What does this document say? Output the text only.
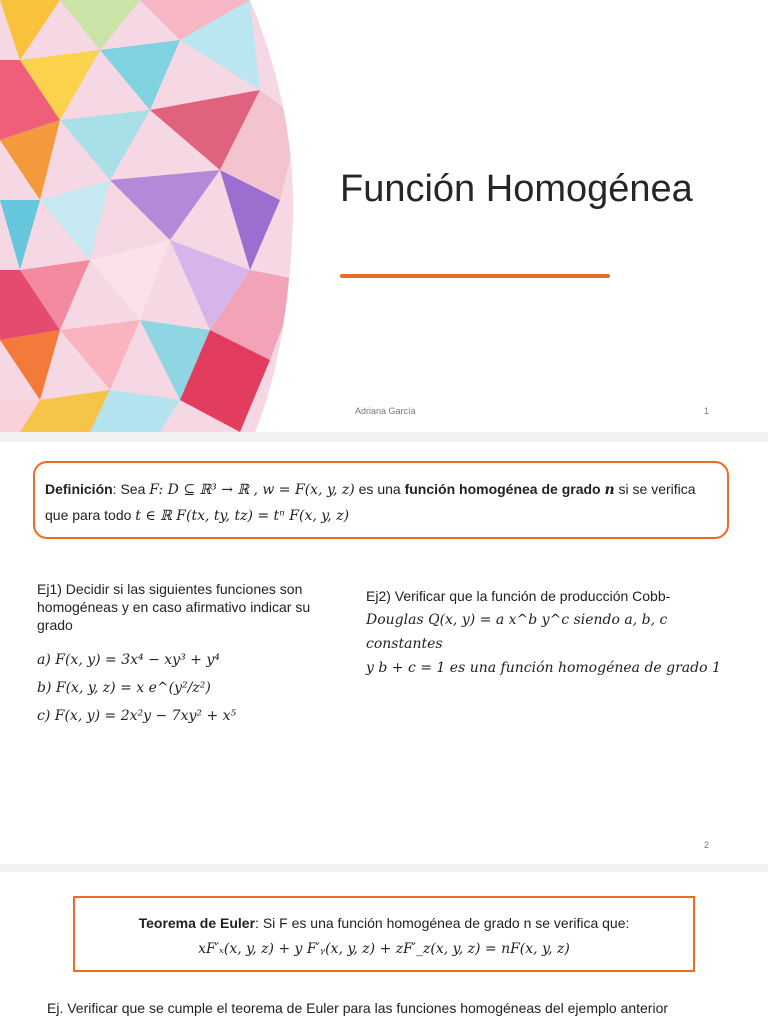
Función Homogénea
Adriana García	1
Definición: Sea F: D ⊆ ℝ³ → ℝ , w = F(x, y, z) es una función homogénea de grado n si se verifica
que para todo t ∈ ℝ F(tx, ty, tz) = tⁿ F(x, y, z)
Ej1) Decidir si las siguientes funciones son homogéneas y en caso afirmativo indicar su grado
a) F(x, y) = 3x⁴ − xy³ + y⁴
b) F(x, y, z) = x e^(y²/z²)
c) F(x, y) = 2x²y − 7xy² + x⁵
Ej2) Verificar que la función de producción Cobb-
Douglas Q(x, y) = a x^b y^c siendo a, b, c constantes
y b + c = 1 es una función homogénea de grado 1
2
Teorema de Euler: Si F es una función homogénea de grado n se verifica que:
xF′ₓ(x, y, z) + y F′ᵧ(x, y, z) + zF′_z(x, y, z) = nF(x, y, z)
Ej. Verificar que se cumple el teorema de Euler para las funciones homogéneas del ejemplo anterior
